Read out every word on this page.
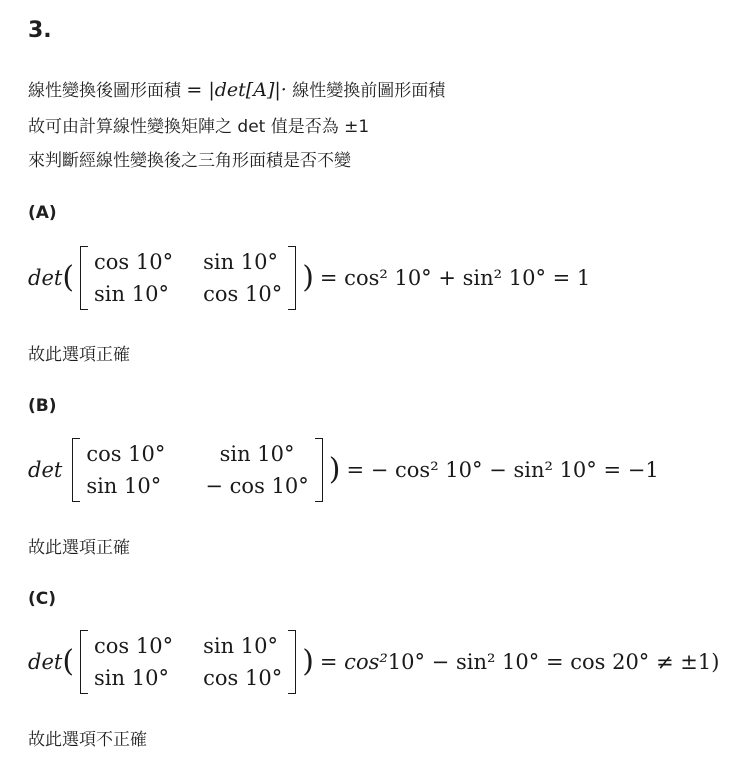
3.
線性變換後圖形面積 = |det[A]|· 線性變換前圖形面積
故可由計算線性變換矩陣之 det 值是否為 ±1
來判斷經線性變換後之三角形面積是否不變
(A)
det ( cos 10°	sin 10°
sin 10°	cos 10° ) = cos² 10° + sin² 10° = 1
故此選項正確
(B)
det
cos 10°	sin 10°
sin 10°	− cos 10° ) = − cos² 10° − sin² 10° = −1
故此選項正確
(C)
det ( cos 10°	sin 10°
sin 10°	cos 10° ) = cos² 10° − sin² 10° = cos 20° ≠ ±1)
故此選項不正確
